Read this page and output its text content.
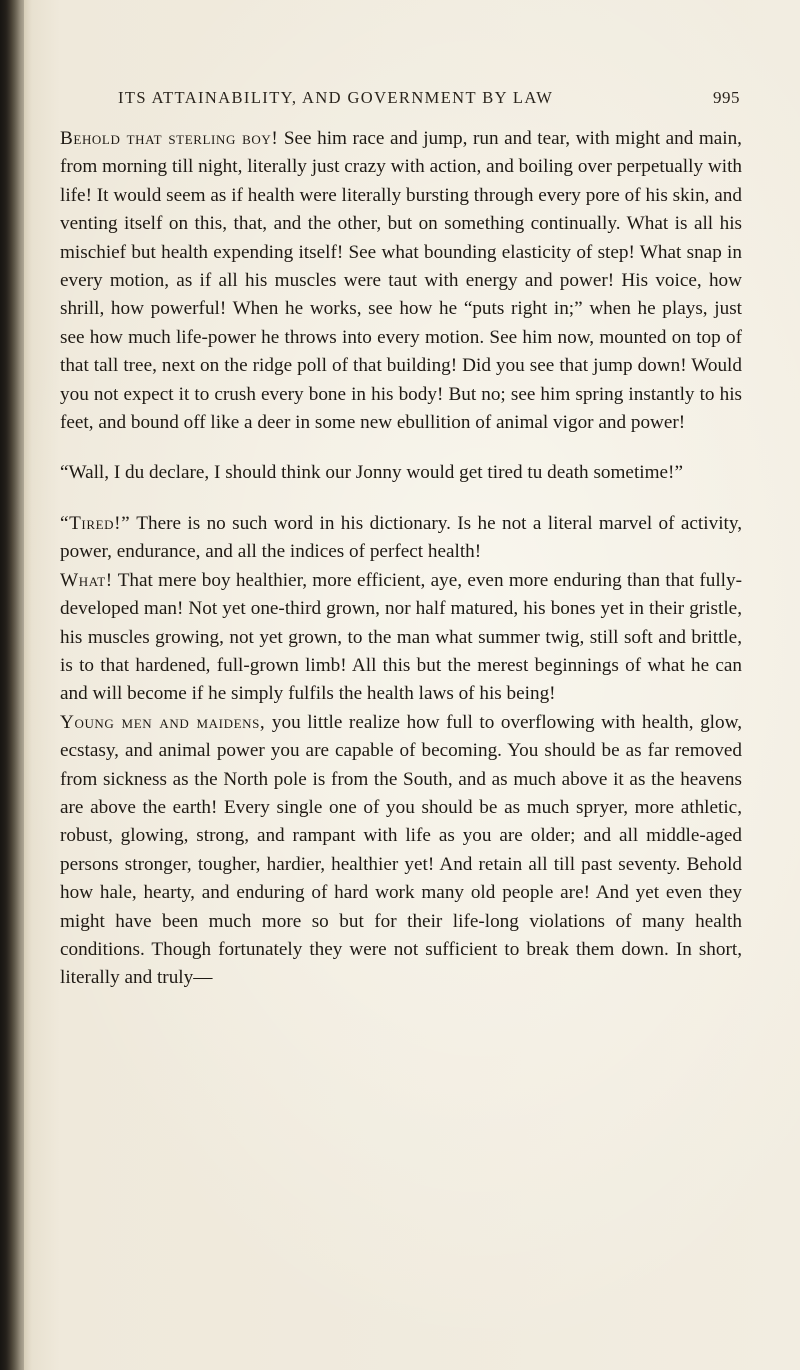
ITS ATTAINABILITY, AND GOVERNMENT BY LAW	995

Behold that sterling boy! See him race and jump, run and tear, with might and main, from morning till night, literally just crazy with action, and boiling over perpetually with life! It would seem as if health were literally bursting through every pore of his skin, and venting itself on this, that, and the other, but on something continually. What is all his mischief but health expending itself! See what bounding elasticity of step! What snap in every motion, as if all his muscles were taut with energy and power! His voice, how shrill, how powerful! When he works, see how he “puts right in;” when he plays, just see how much life-power he throws into every motion. See him now, mounted on top of that tall tree, next on the ridge poll of that building! Did you see that jump down! Would you not expect it to crush every bone in his body! But no; see him spring instantly to his feet, and bound off like a deer in some new ebullition of animal vigor and power!

“Wall, I du declare, I should think our Jonny would get tired tu death sometime!”

“Tired!” There is no such word in his dictionary. Is he not a literal marvel of activity, power, endurance, and all the indices of perfect health!

What! That mere boy healthier, more efficient, aye, even more enduring than that fully-developed man! Not yet one-third grown, nor half matured, his bones yet in their gristle, his muscles growing, not yet grown, to the man what summer twig, still soft and brittle, is to that hardened, full-grown limb! All this but the merest beginnings of what he can and will become if he simply fulfils the health laws of his being!

Young men and maidens, you little realize how full to overflowing with health, glow, ecstasy, and animal power you are capable of becoming. You should be as far removed from sickness as the North pole is from the South, and as much above it as the heavens are above the earth! Every single one of you should be as much spryer, more athletic, robust, glowing, strong, and rampant with life as you are older; and all middle-aged persons stronger, tougher, hardier, healthier yet! And retain all till past seventy. Behold how hale, hearty, and enduring of hard work many old people are! And yet even they might have been much more so but for their life-long violations of many health conditions. Though fortunately they were not sufficient to break them down. In short, literally and truly—
